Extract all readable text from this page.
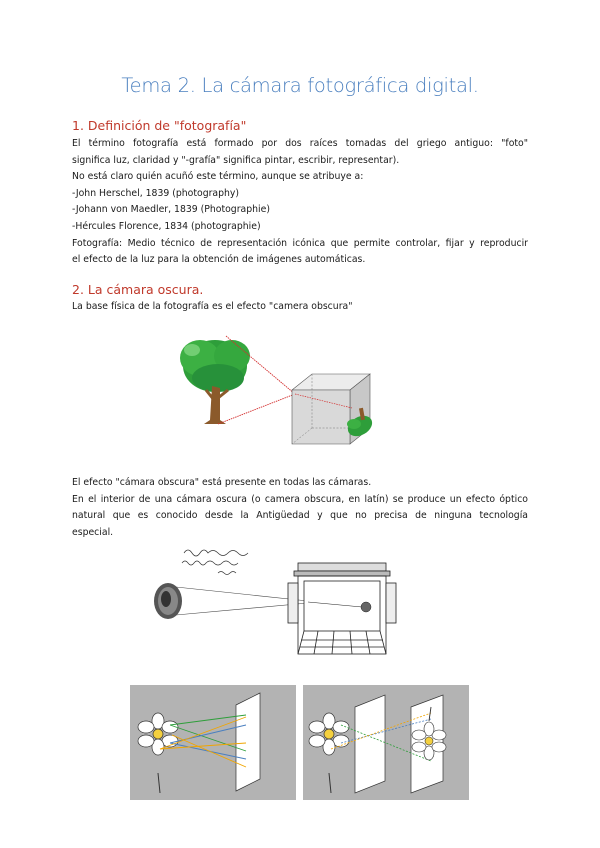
Tema 2. La cámara fotográfica digital.
1. Definición de "fotografía"
El término fotografía está formado por dos raíces tomadas del griego antiguo: "foto"
significa luz, claridad y "-grafía" significa pintar, escribir, representar).
No está claro quién acuñó este término, aunque se atribuye a:
-John Herschel, 1839 (photography)
-Johann von Maedler, 1839 (Photographie)
-Hércules Florence, 1834 (photographie)
Fotografía: Medio técnico de representación icónica que permite controlar, fijar y reproducir
el efecto de la luz para la obtención de imágenes automáticas.
2. La cámara oscura.
La base física de la fotografía es el efecto "camera obscura"
El efecto "cámara obscura" está presente en todas las cámaras.
En el interior de una cámara oscura (o camera obscura, en latín) se produce un efecto óptico
natural que es conocido desde la Antigüedad y que no precisa de ninguna tecnología
especial.
